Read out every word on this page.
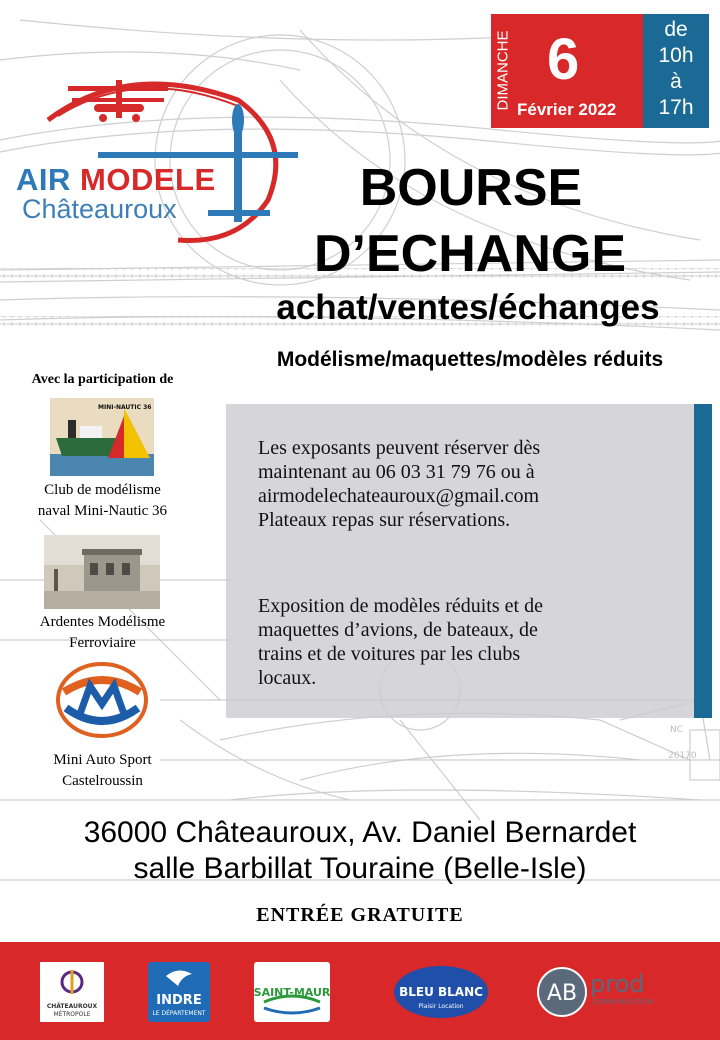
NC
26170
AIR MODELE
Châteauroux
DIMANCHE 6
Février 2022
de
10h
à
17h
BOURSE
D’ECHANGE
achat/ventes/échanges
Modélisme/maquettes/modèles réduits
Avec la participation de
MINI-NAUTIC 36
Club de modélisme
naval Mini-Nautic 36
Ardentes Modélisme
Ferroviaire
Mini Auto Sport
Castelroussin
Les exposants peuvent réserver dès
maintenant au 06 03 31 79 76 ou à
airmodelechateauroux@gmail.com
Plateaux repas sur réservations.
Exposition de modèles réduits et de
maquettes d’avions, de bateaux, de
trains et de voitures par les clubs
locaux.
36000 Châteauroux, Av. Daniel Bernardet
salle Barbillat Touraine (Belle-Isle)
ENTRÉE GRATUITE
CHÂTEAUROUX
MÉTROPOLE
INDRE
LE DÉPARTEMENT
SAINT-MAUR	BLEU BLANC
Plaisir Location
AB prod
COMMUNICATION
